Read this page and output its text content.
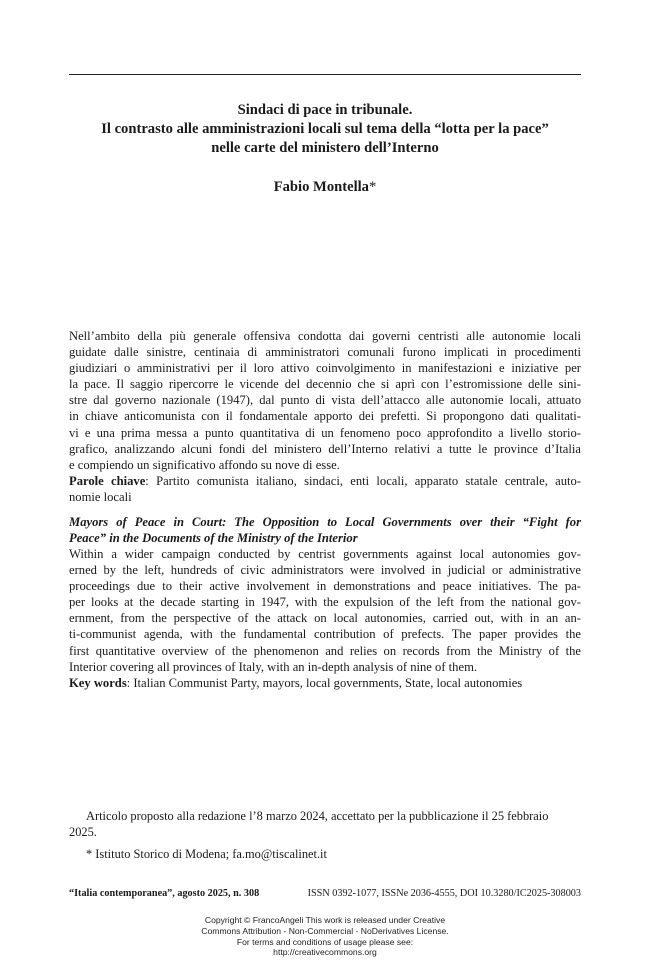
Sindaci di pace in tribunale.
Il contrasto alle amministrazioni locali sul tema della “lotta per la pace”
nelle carte del ministero dell’Interno
Fabio Montella*
Nell’ambito della più generale offensiva condotta dai governi centristi alle autonomie locali
guidate dalle sinistre, centinaia di amministratori comunali furono implicati in procedimenti
giudiziari o amministrativi per il loro attivo coinvolgimento in manifestazioni e iniziative per
la pace. Il saggio ripercorre le vicende del decennio che si aprì con l’estromissione delle sini-
stre dal governo nazionale (1947), dal punto di vista dell’attacco alle autonomie locali, attuato
in chiave anticomunista con il fondamentale apporto dei prefetti. Si propongono dati qualitati-
vi e una prima messa a punto quantitativa di un fenomeno poco approfondito a livello storio-
grafico, analizzando alcuni fondi del ministero dell’Interno relativi a tutte le province d’Italia
e compiendo un significativo affondo su nove di esse.
Parole chiave: Partito comunista italiano, sindaci, enti locali, apparato statale centrale, auto-
nomie locali
Mayors of Peace in Court: The Opposition to Local Governments over their “Fight for
Peace” in the Documents of the Ministry of the Interior
Within a wider campaign conducted by centrist governments against local autonomies gov-
erned by the left, hundreds of civic administrators were involved in judicial or administrative
proceedings due to their active involvement in demonstrations and peace initiatives. The pa-
per looks at the decade starting in 1947, with the expulsion of the left from the national gov-
ernment, from the perspective of the attack on local autonomies, carried out, with in an an-
ti-communist agenda, with the fundamental contribution of prefects. The paper provides the
first quantitative overview of the phenomenon and relies on records from the Ministry of the
Interior covering all provinces of Italy, with an in-depth analysis of nine of them.
Key words: Italian Communist Party, mayors, local governments, State, local autonomies
Articolo proposto alla redazione l’8 marzo 2024, accettato per la pubblicazione il 25 febbraio
2025.
* Istituto Storico di Modena; fa.mo@tiscalinet.it
“Italia contemporanea”, agosto 2025, n. 308	ISSN 0392-1077, ISSNe 2036-4555, DOI 10.3280/IC2025-308003
Copyright © FrancoAngeli This work is released under Creative
Commons Attribution - Non-Commercial - NoDerivatives License.
For terms and conditions of usage please see:
http://creativecommons.org
